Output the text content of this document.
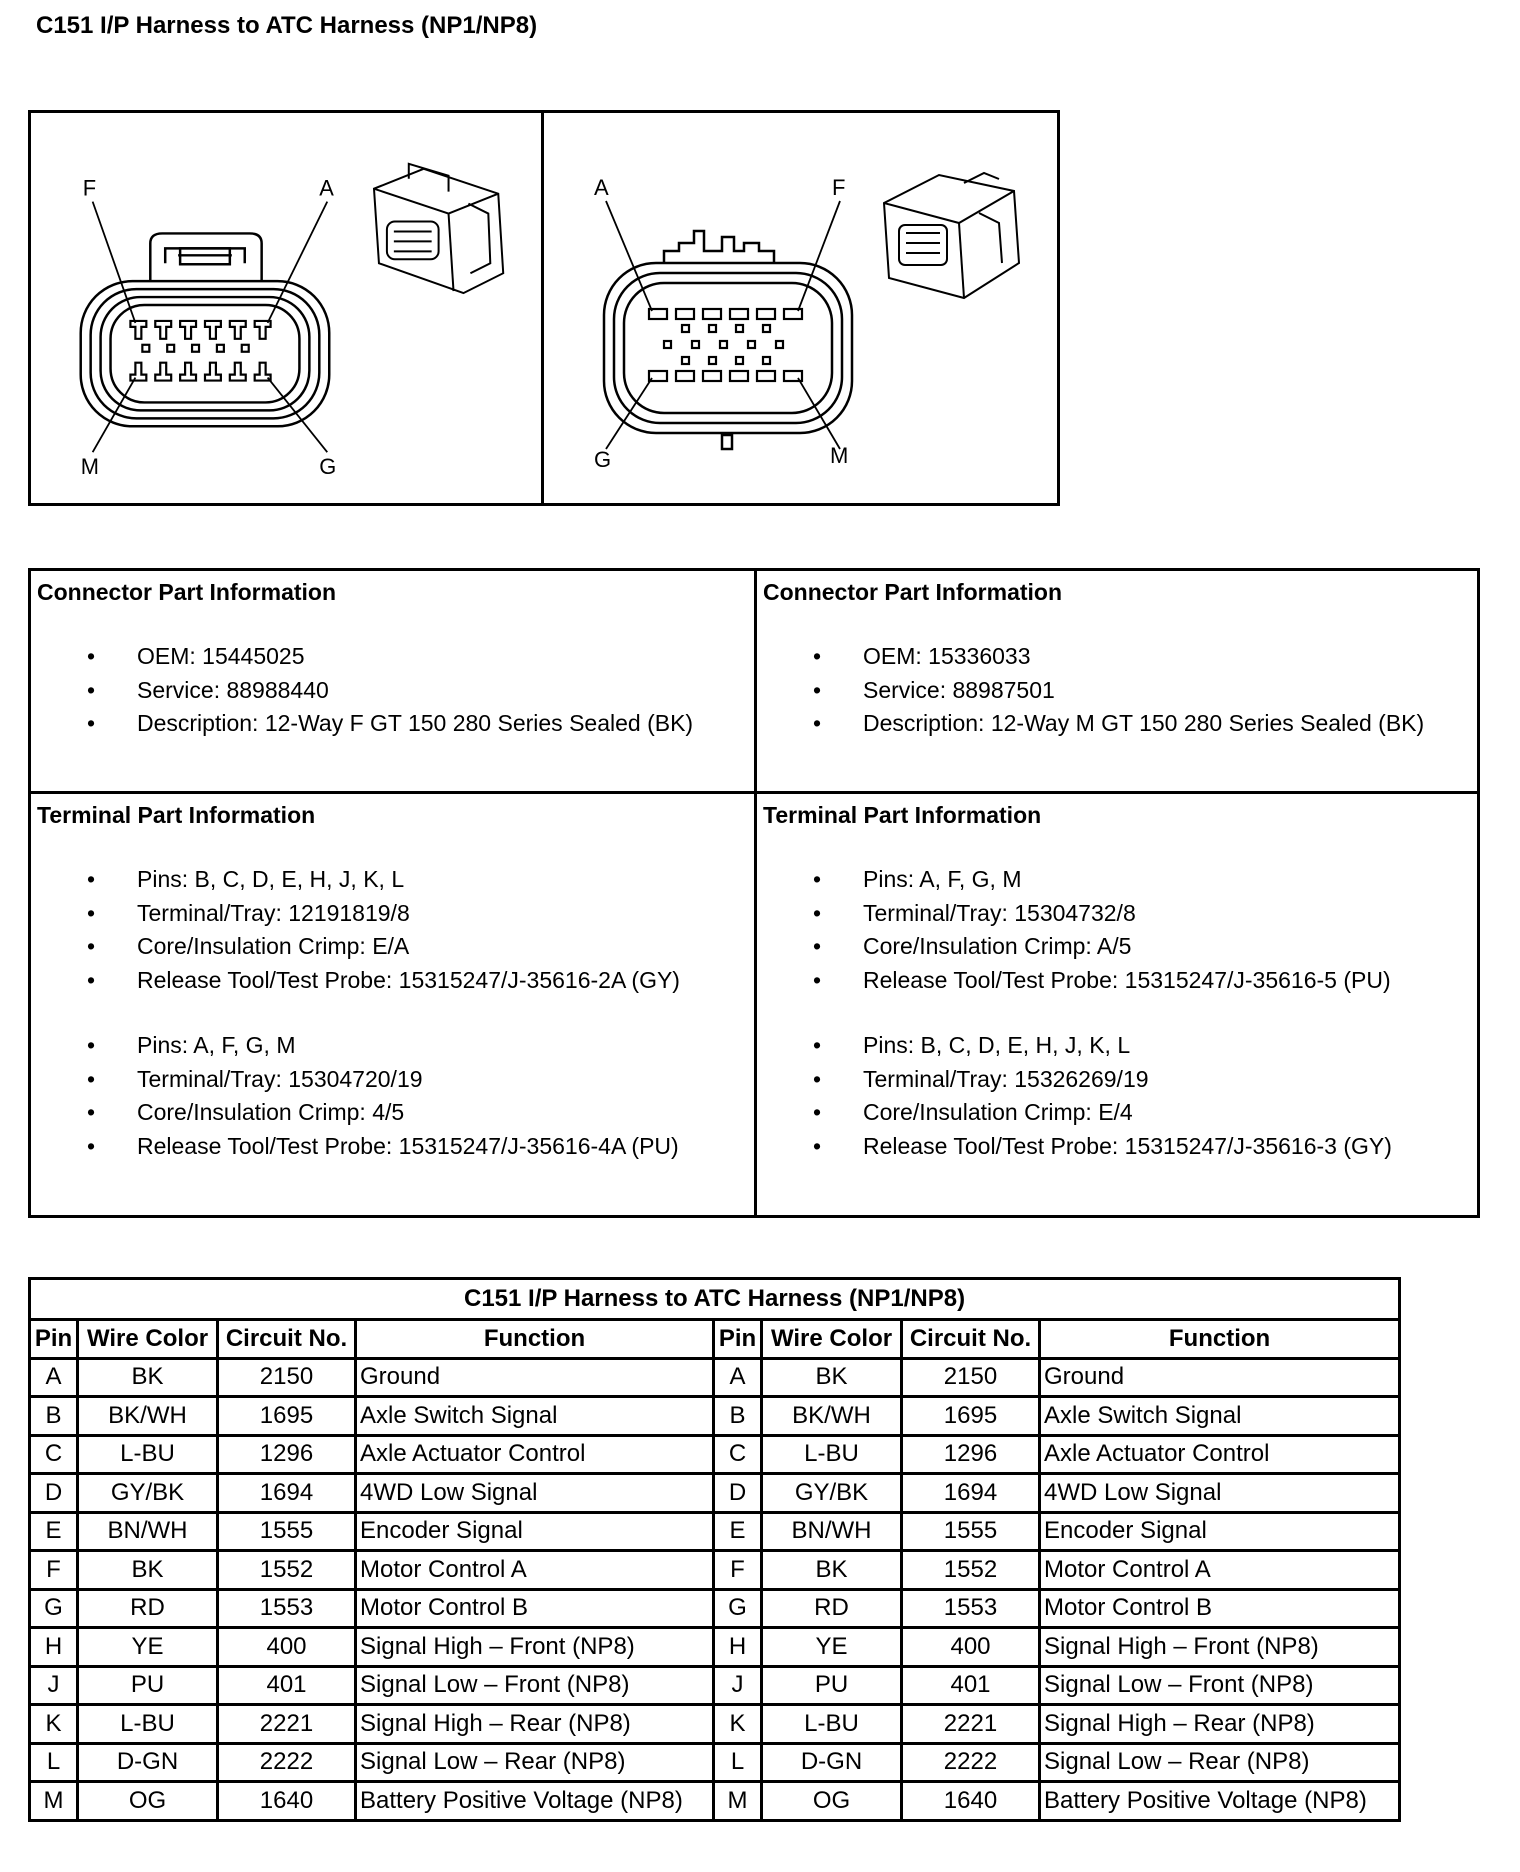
C151 I/P Harness to ATC Harness (NP1/NP8)
F	A
M	G
A	F
G	M
Connector Part Information
• OEM: 15445025
• Service: 88988440
• Description: 12-Way F GT 150 280 Series Sealed (BK)
Connector Part Information
• OEM: 15336033
• Service: 88987501
• Description: 12-Way M GT 150 280 Series Sealed (BK)
Terminal Part Information
• Pins: B, C, D, E, H, J, K, L
• Terminal/Tray: 12191819/8
• Core/Insulation Crimp: E/A
• Release Tool/Test Probe: 15315247/J-35616-2A (GY)
• Pins: A, F, G, M
• Terminal/Tray: 15304720/19
• Core/Insulation Crimp: 4/5
• Release Tool/Test Probe: 15315247/J-35616-4A (PU)
Terminal Part Information
• Pins: A, F, G, M
• Terminal/Tray: 15304732/8
• Core/Insulation Crimp: A/5
• Release Tool/Test Probe: 15315247/J-35616-5 (PU)
• Pins: B, C, D, E, H, J, K, L
• Terminal/Tray: 15326269/19
• Core/Insulation Crimp: E/4
• Release Tool/Test Probe: 15315247/J-35616-3 (GY)
C151 I/P Harness to ATC Harness (NP1/NP8)							
Pin	Wire Color	Circuit No.	Function	Pin	Wire Color	Circuit No.	Function
A	BK	2150	Ground	A	BK	2150	Ground
B	BK/WH	1695	Axle Switch Signal	B	BK/WH	1695	Axle Switch Signal
C	L-BU	1296	Axle Actuator Control	C	L-BU	1296	Axle Actuator Control
D	GY/BK	1694	4WD Low Signal	D	GY/BK	1694	4WD Low Signal
E	BN/WH	1555	Encoder Signal	E	BN/WH	1555	Encoder Signal
F	BK	1552	Motor Control A	F	BK	1552	Motor Control A
G	RD	1553	Motor Control B	G	RD	1553	Motor Control B
H	YE	400	Signal High – Front (NP8)	H	YE	400	Signal High – Front (NP8)
J	PU	401	Signal Low – Front (NP8)	J	PU	401	Signal Low – Front (NP8)
K	L-BU	2221	Signal High – Rear (NP8)	K	L-BU	2221	Signal High – Rear (NP8)
L	D-GN	2222	Signal Low – Rear (NP8)	L	D-GN	2222	Signal Low – Rear (NP8)
M	OG	1640	Battery Positive Voltage (NP8)	M	OG	1640	Battery Positive Voltage (NP8)
